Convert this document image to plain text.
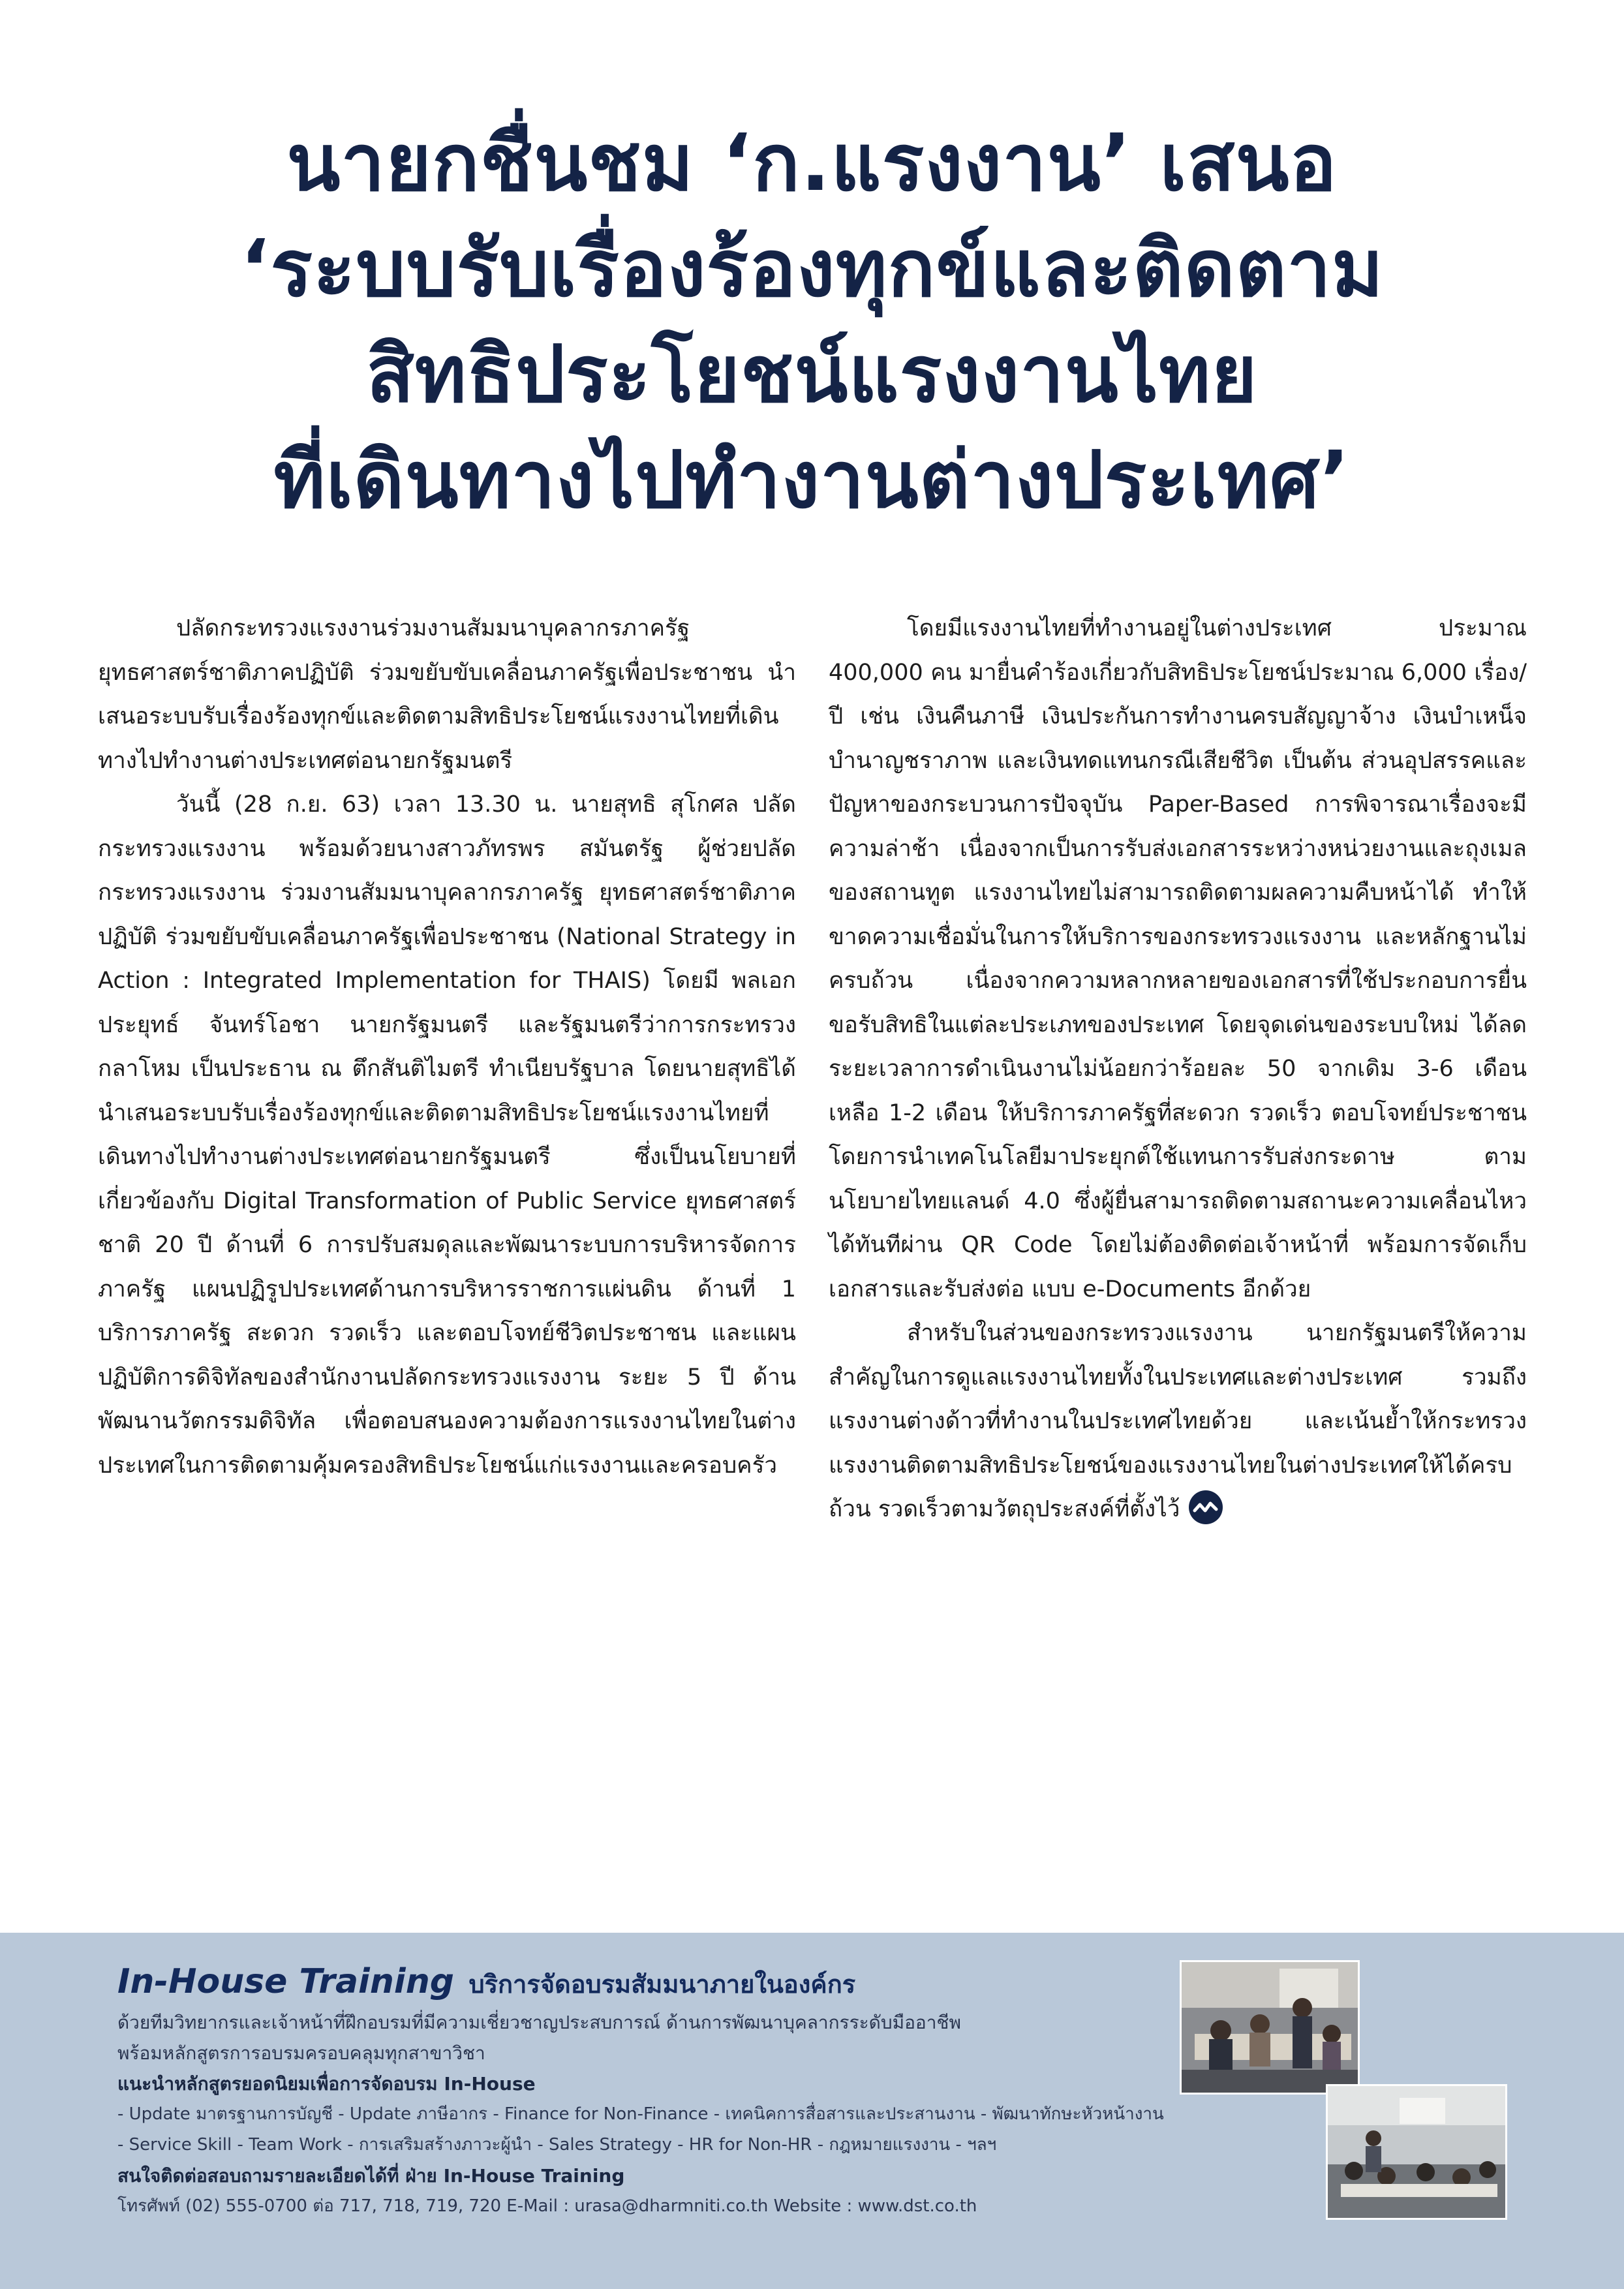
นายกชื่นชม ‘ก.แรงงาน’ เสนอ
‘ระบบรับเรื่องร้องทุกข์และติดตาม
สิทธิประโยชน์แรงงานไทย
ที่เดินทางไปทำงานต่างประเทศ’

ปลัดกระทรวงแรงงานร่วมงานสัมมนาบุคลากรภาครัฐ ยุทธศาสตร์ชาติภาคปฏิบัติ ร่วมขยับขับเคลื่อนภาครัฐเพื่อประชาชน นำเสนอระบบรับเรื่องร้องทุกข์และติดตามสิทธิประโยชน์แรงงานไทยที่เดินทางไปทำงานต่างประเทศต่อนายกรัฐมนตรี

วันนี้ (28 ก.ย. 63) เวลา 13.30 น. นายสุทธิ สุโกศล ปลัดกระทรวงแรงงาน พร้อมด้วยนางสาวภัทรพร สมันตรัฐ ผู้ช่วยปลัดกระทรวงแรงงาน ร่วมงานสัมมนาบุคลากรภาครัฐ ยุทธศาสตร์ชาติภาคปฏิบัติ ร่วมขยับขับเคลื่อนภาครัฐเพื่อประชาชน (National Strategy in Action : Integrated Implementation for THAIS) โดยมี พลเอกประยุทธ์ จันทร์โอชา นายกรัฐมนตรี และรัฐมนตรีว่าการกระทรวงกลาโหม เป็นประธาน ณ ตึกสันติไมตรี ทำเนียบรัฐบาล โดยนายสุทธิได้นำเสนอระบบรับเรื่องร้องทุกข์และติดตามสิทธิประโยชน์แรงงานไทยที่เดินทางไปทำงานต่างประเทศต่อนายกรัฐมนตรี ซึ่งเป็นนโยบายที่เกี่ยวข้องกับ Digital Transformation of Public Service ยุทธศาสตร์ชาติ 20 ปี ด้านที่ 6 การปรับสมดุลและพัฒนาระบบการบริหารจัดการภาครัฐ แผนปฏิรูปประเทศด้านการบริหารราชการแผ่นดิน ด้านที่ 1 บริการภาครัฐ สะดวก รวดเร็ว และตอบโจทย์ชีวิตประชาชน และแผนปฏิบัติการดิจิทัลของสำนักงานปลัดกระทรวงแรงงาน ระยะ 5 ปี ด้านพัฒนานวัตกรรมดิจิทัล เพื่อตอบสนองความต้องการแรงงานไทยในต่างประเทศในการติดตามคุ้มครองสิทธิประโยชน์แก่แรงงานและครอบครัว

โดยมีแรงงานไทยที่ทำงานอยู่ในต่างประเทศ ประมาณ 400,000 คน มายื่นคำร้องเกี่ยวกับสิทธิประโยชน์ประมาณ 6,000 เรื่อง/ปี เช่น เงินคืนภาษี เงินประกันการทำงานครบสัญญาจ้าง เงินบำเหน็จ บำนาญชราภาพ และเงินทดแทนกรณีเสียชีวิต เป็นต้น ส่วนอุปสรรคและปัญหาของกระบวนการปัจจุบัน Paper-Based การพิจารณาเรื่องจะมีความล่าช้า เนื่องจากเป็นการรับส่งเอกสารระหว่างหน่วยงานและถุงเมลของสถานทูต แรงงานไทยไม่สามารถติดตามผลความคืบหน้าได้ ทำให้ขาดความเชื่อมั่นในการให้บริการของกระทรวงแรงงาน และหลักฐานไม่ครบถ้วน เนื่องจากความหลากหลายของเอกสารที่ใช้ประกอบการยื่นขอรับสิทธิในแต่ละประเภทของประเทศ โดยจุดเด่นของระบบใหม่ ได้ลดระยะเวลาการดำเนินงานไม่น้อยกว่าร้อยละ 50 จากเดิม 3-6 เดือน เหลือ 1-2 เดือน ให้บริการภาครัฐที่สะดวก รวดเร็ว ตอบโจทย์ประชาชน โดยการนำเทคโนโลยีมาประยุกต์ใช้แทนการรับส่งกระดาษ ตามนโยบายไทยแลนด์ 4.0 ซึ่งผู้ยื่นสามารถติดตามสถานะความเคลื่อนไหวได้ทันทีผ่าน QR Code โดยไม่ต้องติดต่อเจ้าหน้าที่ พร้อมการจัดเก็บเอกสารและรับส่งต่อ แบบ e-Documents อีกด้วย

สำหรับในส่วนของกระทรวงแรงงาน นายกรัฐมนตรีให้ความสำคัญในการดูแลแรงงานไทยทั้งในประเทศและต่างประเทศ รวมถึงแรงงานต่างด้าวที่ทำงานในประเทศไทยด้วย และเน้นย้ำให้กระทรวงแรงงานติดตามสิทธิประโยชน์ของแรงงานไทยในต่างประเทศให้ได้ครบถ้วน รวดเร็วตามวัตถุประสงค์ที่ตั้งไว้

In-House Training บริการจัดอบรมสัมมนาภายในองค์กร
ด้วยทีมวิทยากรและเจ้าหน้าที่ฝึกอบรมที่มีความเชี่ยวชาญประสบการณ์ ด้านการพัฒนาบุคลากรระดับมืออาชีพ
พร้อมหลักสูตรการอบรมครอบคลุมทุกสาขาวิชา
แนะนำหลักสูตรยอดนิยมเพื่อการจัดอบรม In-House
- Update มาตรฐานการบัญชี - Update ภาษีอากร - Finance for Non-Finance - เทคนิคการสื่อสารและประสานงาน - พัฒนาทักษะหัวหน้างาน
- Service Skill - Team Work - การเสริมสร้างภาวะผู้นำ - Sales Strategy - HR for Non-HR - กฎหมายแรงงาน - ฯลฯ
สนใจติดต่อสอบถามรายละเอียดได้ที่ ฝ่าย In-House Training
โทรศัพท์ (02) 555-0700 ต่อ 717, 718, 719, 720 E-Mail : urasa@dharmniti.co.th Website : www.dst.co.th
